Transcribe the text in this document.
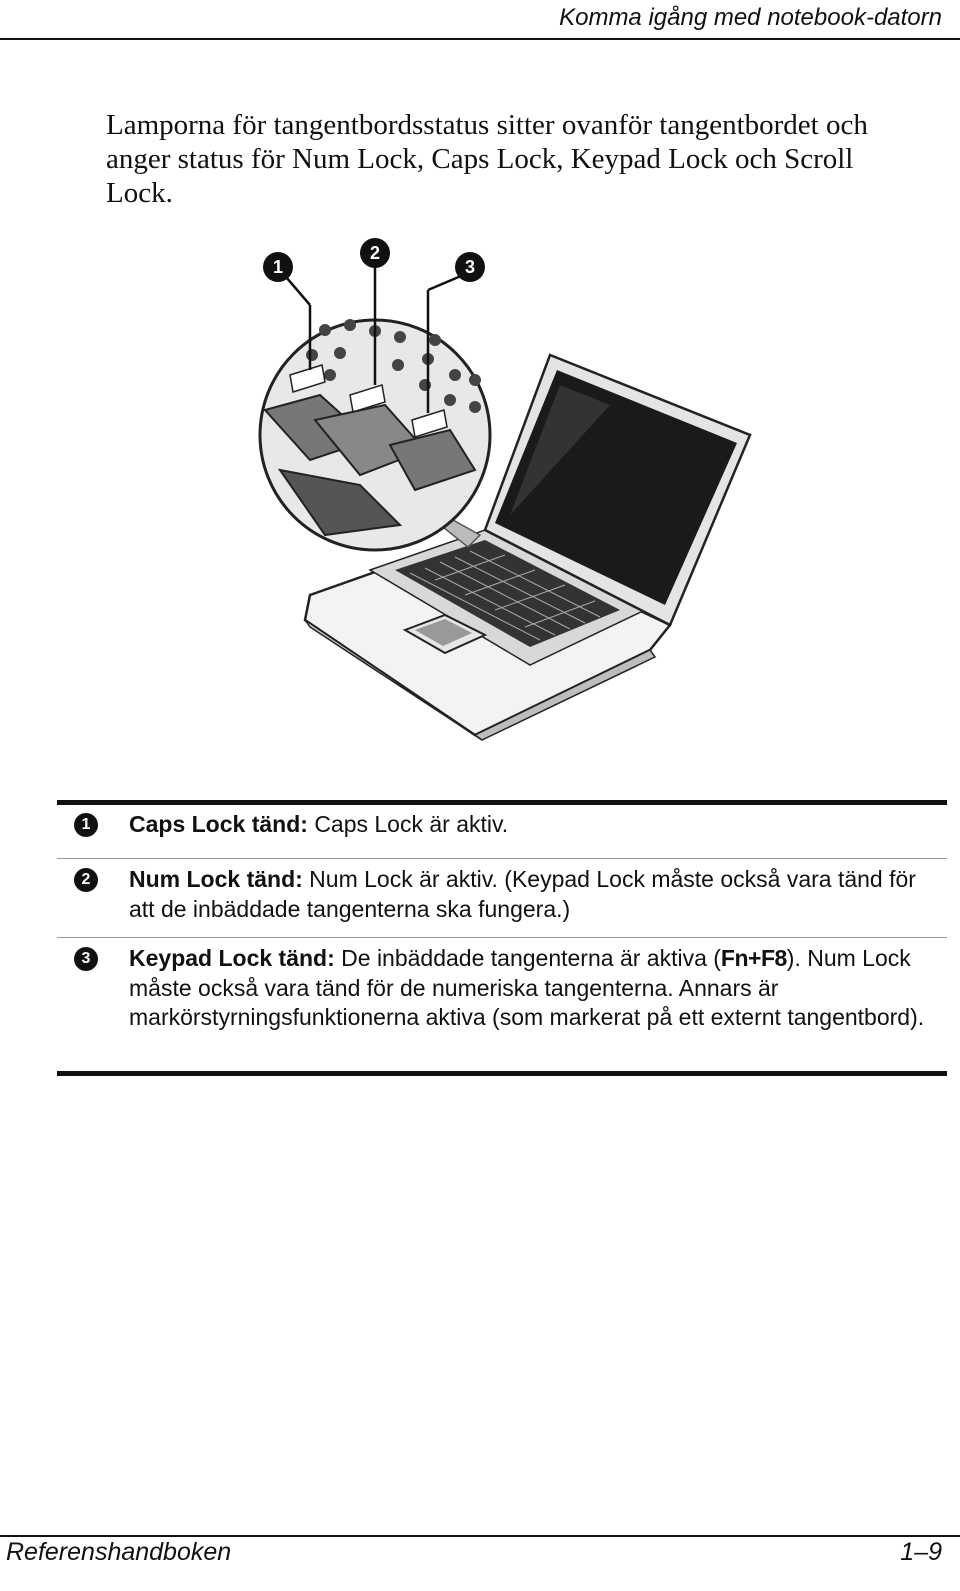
Komma igång med notebook-datorn
Lamporna för tangentbordsstatus sitter ovanför tangentbordet och anger status för Num Lock, Caps Lock, Keypad Lock och Scroll Lock.
1
2
3
1	Caps Lock tänd: Caps Lock är aktiv.
2	Num Lock tänd: Num Lock är aktiv. (Keypad Lock måste också vara tänd för att de inbäddade tangenterna ska fungera.)
3	Keypad Lock tänd: De inbäddade tangenterna är aktiva (Fn+F8). Num Lock måste också vara tänd för de numeriska tangenterna. Annars är markörstyrningsfunktionerna aktiva (som markerat på ett externt tangentbord).
Referenshandboken	1–9
